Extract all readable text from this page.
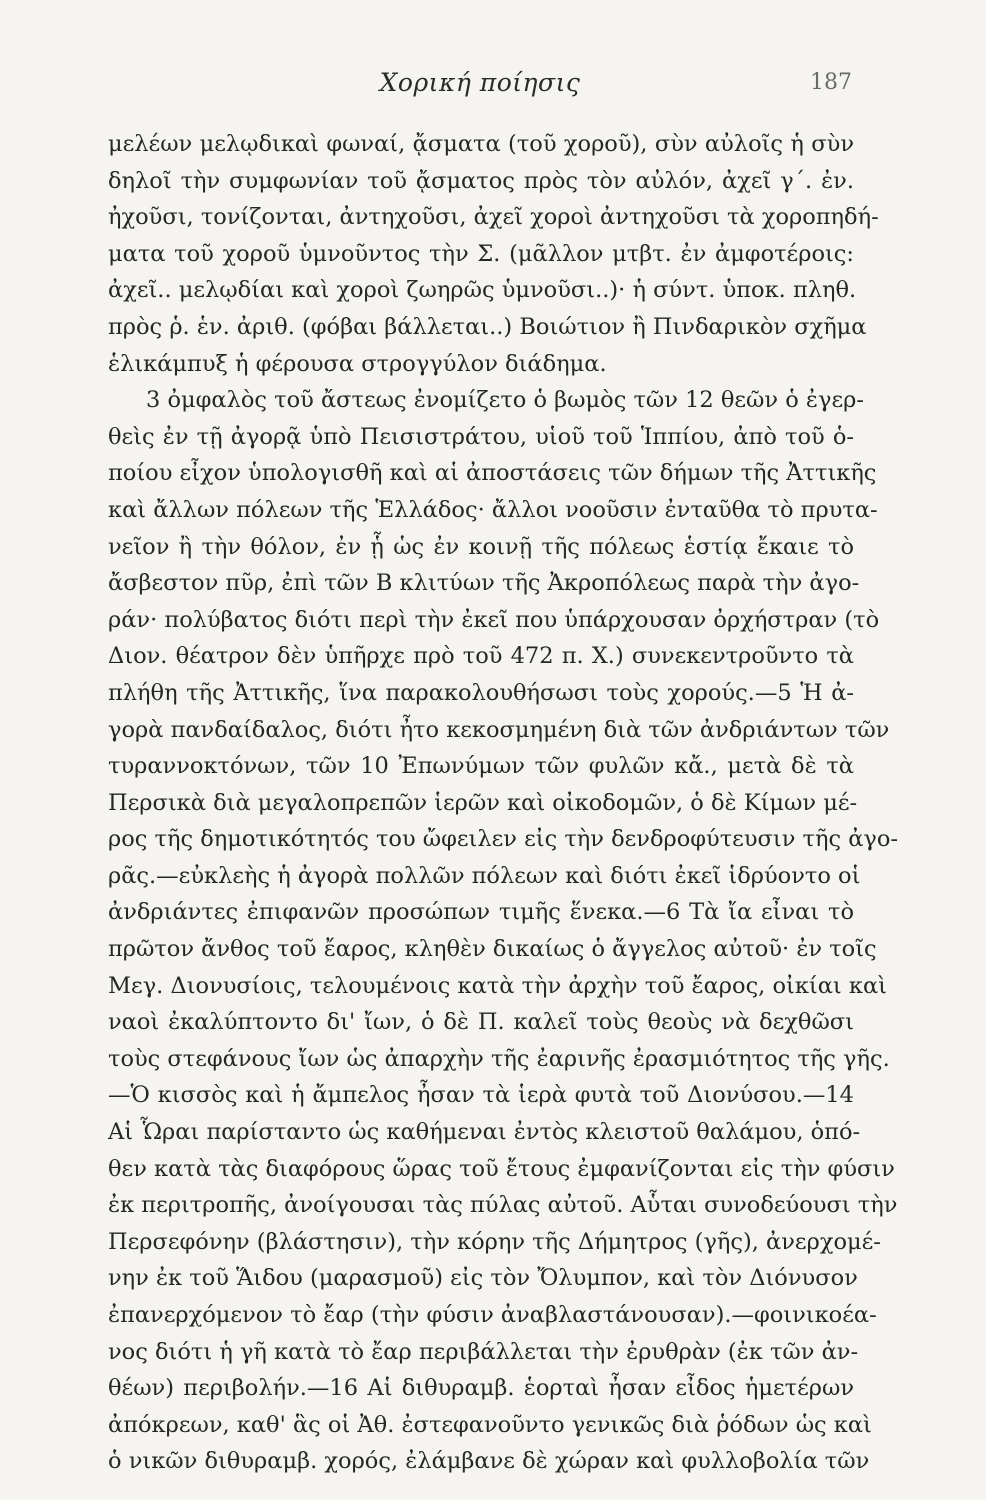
Χορική ποίησις	187
μελέων μελῳδικαὶ φωναί, ᾄσματα (τοῦ χοροῦ), σὺν αὐλοῖς ἡ σὺν
δηλοῖ τὴν συμφωνίαν τοῦ ᾄσματος πρὸς τὸν αὐλόν, ἀχεῖ γ΄. ἐν.
ἠχοῦσι, τονίζονται, ἀντηχοῦσι, ἀχεῖ χοροὶ ἀντηχοῦσι τὰ χοροπηδή-
ματα τοῦ χοροῦ ὑμνοῦντος τὴν Σ. (μᾶλλον μτβτ. ἐν ἀμφοτέροις:
ἀχεῖ.. μελῳδίαι καὶ χοροὶ ζωηρῶς ὑμνοῦσι..)· ἡ σύντ. ὑποκ. πληθ.
πρὸς ῥ. ἑν. ἀριθ. (φόβαι βάλλεται..) Βοιώτιον ἢ Πινδαρικὸν σχῆμα
ἑλικάμπυξ ἡ φέρουσα στρογγύλον διάδημα.
3 ὀμφαλὸς τοῦ ἄστεως ἐνομίζετο ὁ βωμὸς τῶν 12 θεῶν ὁ ἐγερ-
θεὶς ἐν τῇ ἀγορᾷ ὑπὸ Πεισιστράτου, υἱοῦ τοῦ Ἱππίου, ἀπὸ τοῦ ὁ-
ποίου εἶχον ὑπολογισθῆ καὶ αἱ ἀποστάσεις τῶν δήμων τῆς Ἀττικῆς
καὶ ἄλλων πόλεων τῆς Ἑλλάδος· ἄλλοι νοοῦσιν ἐνταῦθα τὸ πρυτα-
νεῖον ἢ τὴν θόλον, ἐν ᾗ ὡς ἐν κοινῇ τῆς πόλεως ἑστίᾳ ἔκαιε τὸ
ἄσβεστον πῦρ, ἐπὶ τῶν Β κλιτύων τῆς Ἀκροπόλεως παρὰ τὴν ἀγο-
ράν· πολύβατος διότι περὶ τὴν ἐκεῖ που ὑπάρχουσαν ὀρχήστραν (τὸ
Διον. θέατρον δὲν ὑπῆρχε πρὸ τοῦ 472 π. Χ.) συνεκεντροῦντο τὰ
πλήθη τῆς Ἀττικῆς, ἵνα παρακολουθήσωσι τοὺς χορούς.—5 Ἡ ἀ-
γορὰ πανδαίδαλος, διότι ἦτο κεκοσμημένη διὰ τῶν ἀνδριάντων τῶν
τυραννοκτόνων, τῶν 10 Ἐπωνύμων τῶν φυλῶν κἄ., μετὰ δὲ τὰ
Περσικὰ διὰ μεγαλοπρεπῶν ἱερῶν καὶ οἰκοδομῶν, ὁ δὲ Κίμων μέ-
ρος τῆς δημοτικότητός του ὤφειλεν εἰς τὴν δενδροφύτευσιν τῆς ἀγο-
ρᾶς.—εὐκλεὴς ἡ ἀγορὰ πολλῶν πόλεων καὶ διότι ἐκεῖ ἱδρύοντο οἱ
ἀνδριάντες ἐπιφανῶν προσώπων τιμῆς ἕνεκα.—6 Τὰ ἴα εἶναι τὸ
πρῶτον ἄνθος τοῦ ἔαρος, κληθὲν δικαίως ὁ ἄγγελος αὐτοῦ· ἐν τοῖς
Μεγ. Διονυσίοις, τελουμένοις κατὰ τὴν ἀρχὴν τοῦ ἔαρος, οἰκίαι καὶ
ναοὶ ἐκαλύπτοντο δι' ἴων, ὁ δὲ Π. καλεῖ τοὺς θεοὺς νὰ δεχθῶσι
τοὺς στεφάνους ἴων ὡς ἀπαρχὴν τῆς ἐαρινῆς ἐρασμιότητος τῆς γῆς.
—Ὁ κισσὸς καὶ ἡ ἄμπελος ἦσαν τὰ ἱερὰ φυτὰ τοῦ Διονύσου.—14
Αἱ Ὧραι παρίσταντο ὡς καθήμεναι ἐντὸς κλειστοῦ θαλάμου, ὁπό-
θεν κατὰ τὰς διαφόρους ὥρας τοῦ ἔτους ἐμφανίζονται εἰς τὴν φύσιν
ἐκ περιτροπῆς, ἀνοίγουσαι τὰς πύλας αὐτοῦ. Αὗται συνοδεύουσι τὴν
Περσεφόνην (βλάστησιν), τὴν κόρην τῆς Δήμητρος (γῆς), ἀνερχομέ-
νην ἐκ τοῦ Ἅιδου (μαρασμοῦ) εἰς τὸν Ὄλυμπον, καὶ τὸν Διόνυσον
ἐπανερχόμενον τὸ ἔαρ (τὴν φύσιν ἀναβλαστάνουσαν).—φοινικοέα-
νος διότι ἡ γῆ κατὰ τὸ ἔαρ περιβάλλεται τὴν ἐρυθρὰν (ἐκ τῶν ἀν-
θέων) περιβολήν.—16 Αἱ διθυραμβ. ἑορταὶ ἦσαν εἶδος ἡμετέρων
ἀπόκρεων, καθ' ἃς οἱ Ἀθ. ἐστεφανοῦντο γενικῶς διὰ ῥόδων ὡς καὶ
ὁ νικῶν διθυραμβ. χορός, ἐλάμβανε δὲ χώραν καὶ φυλλοβολία τῶν
